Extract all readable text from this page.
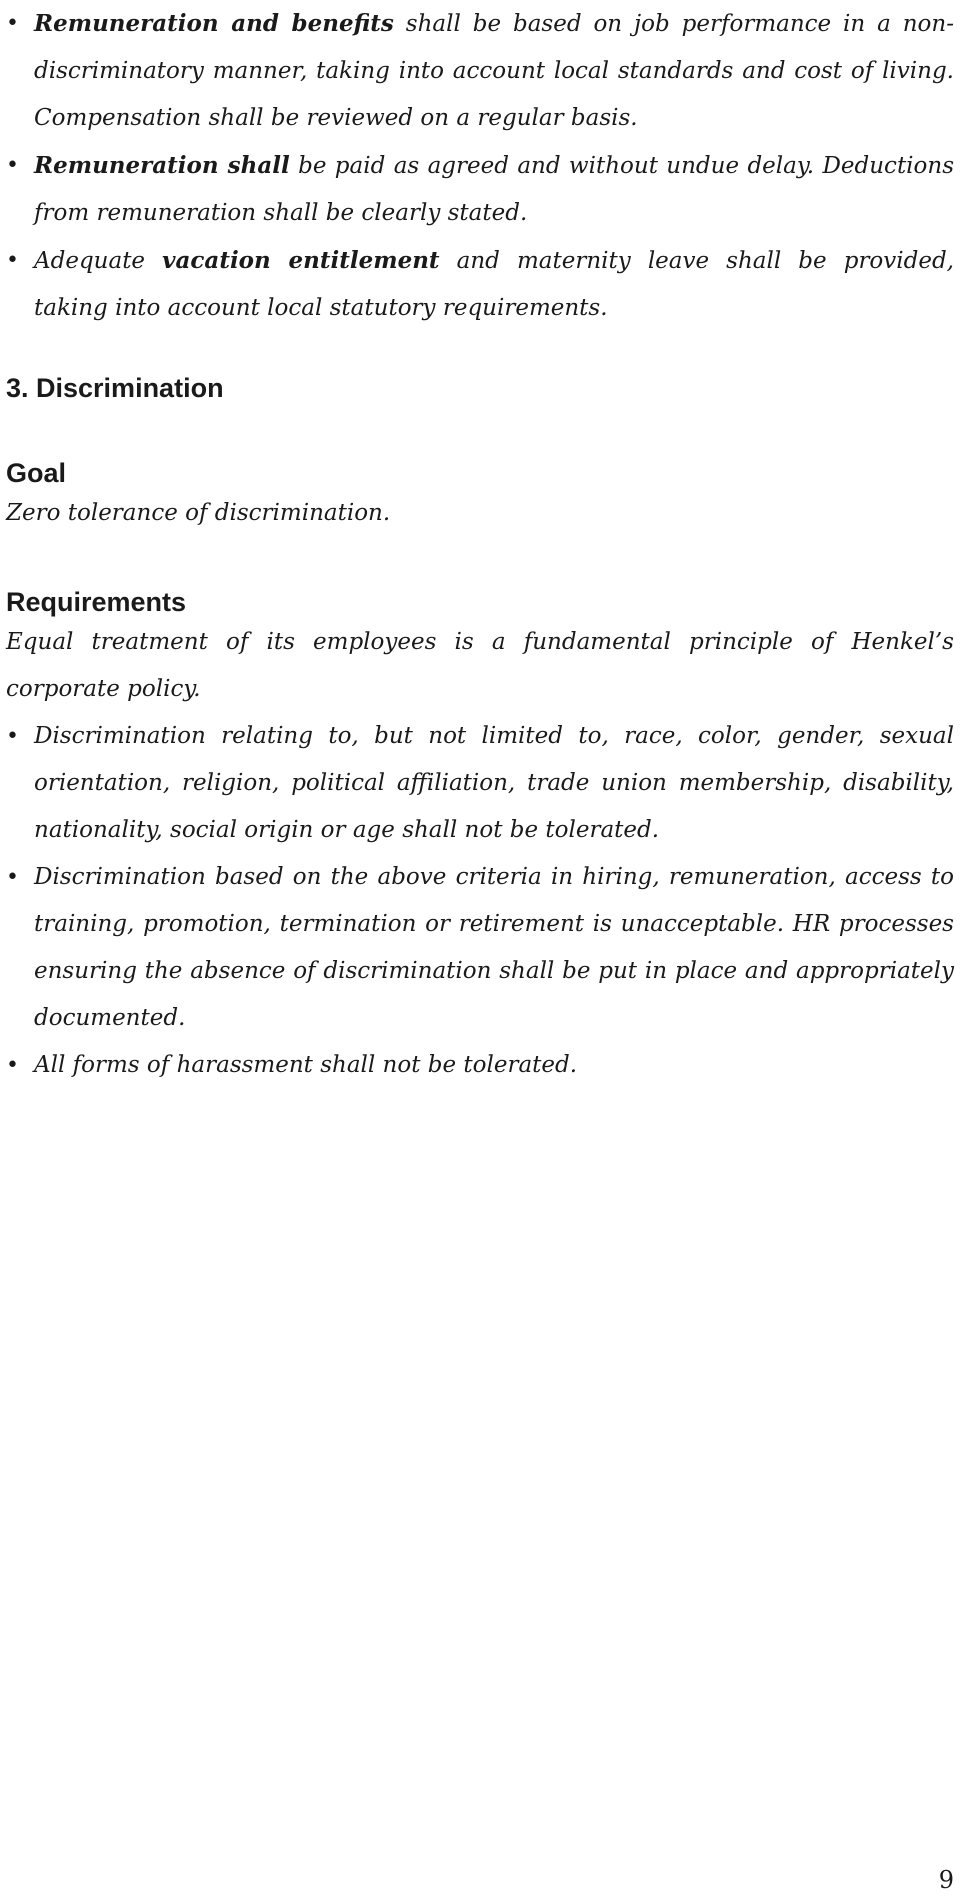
• Remuneration and benefits shall be based on job performance in a non-discriminatory manner, taking into account local standards and cost of living. Compensation shall be reviewed on a regular basis.
• Remuneration shall be paid as agreed and without undue delay. Deductions from remuneration shall be clearly stated.
• Adequate vacation entitlement and maternity leave shall be provided, taking into account local statutory requirements.
3. Discrimination
Goal

Zero tolerance of discrimination.

Requirements

Equal treatment of its employees is a fundamental principle of Henkel’s corporate policy.

• Discrimination relating to, but not limited to, race, color, gender, sexual orientation, religion, political affiliation, trade union membership, disability, nationality, social origin or age shall not be tolerated.
• Discrimination based on the above criteria in hiring, remuneration, access to training, promotion, termination or retirement is unacceptable. HR processes ensuring the absence of discrimination shall be put in place and appropriately documented.
• All forms of harassment shall not be tolerated.
9
